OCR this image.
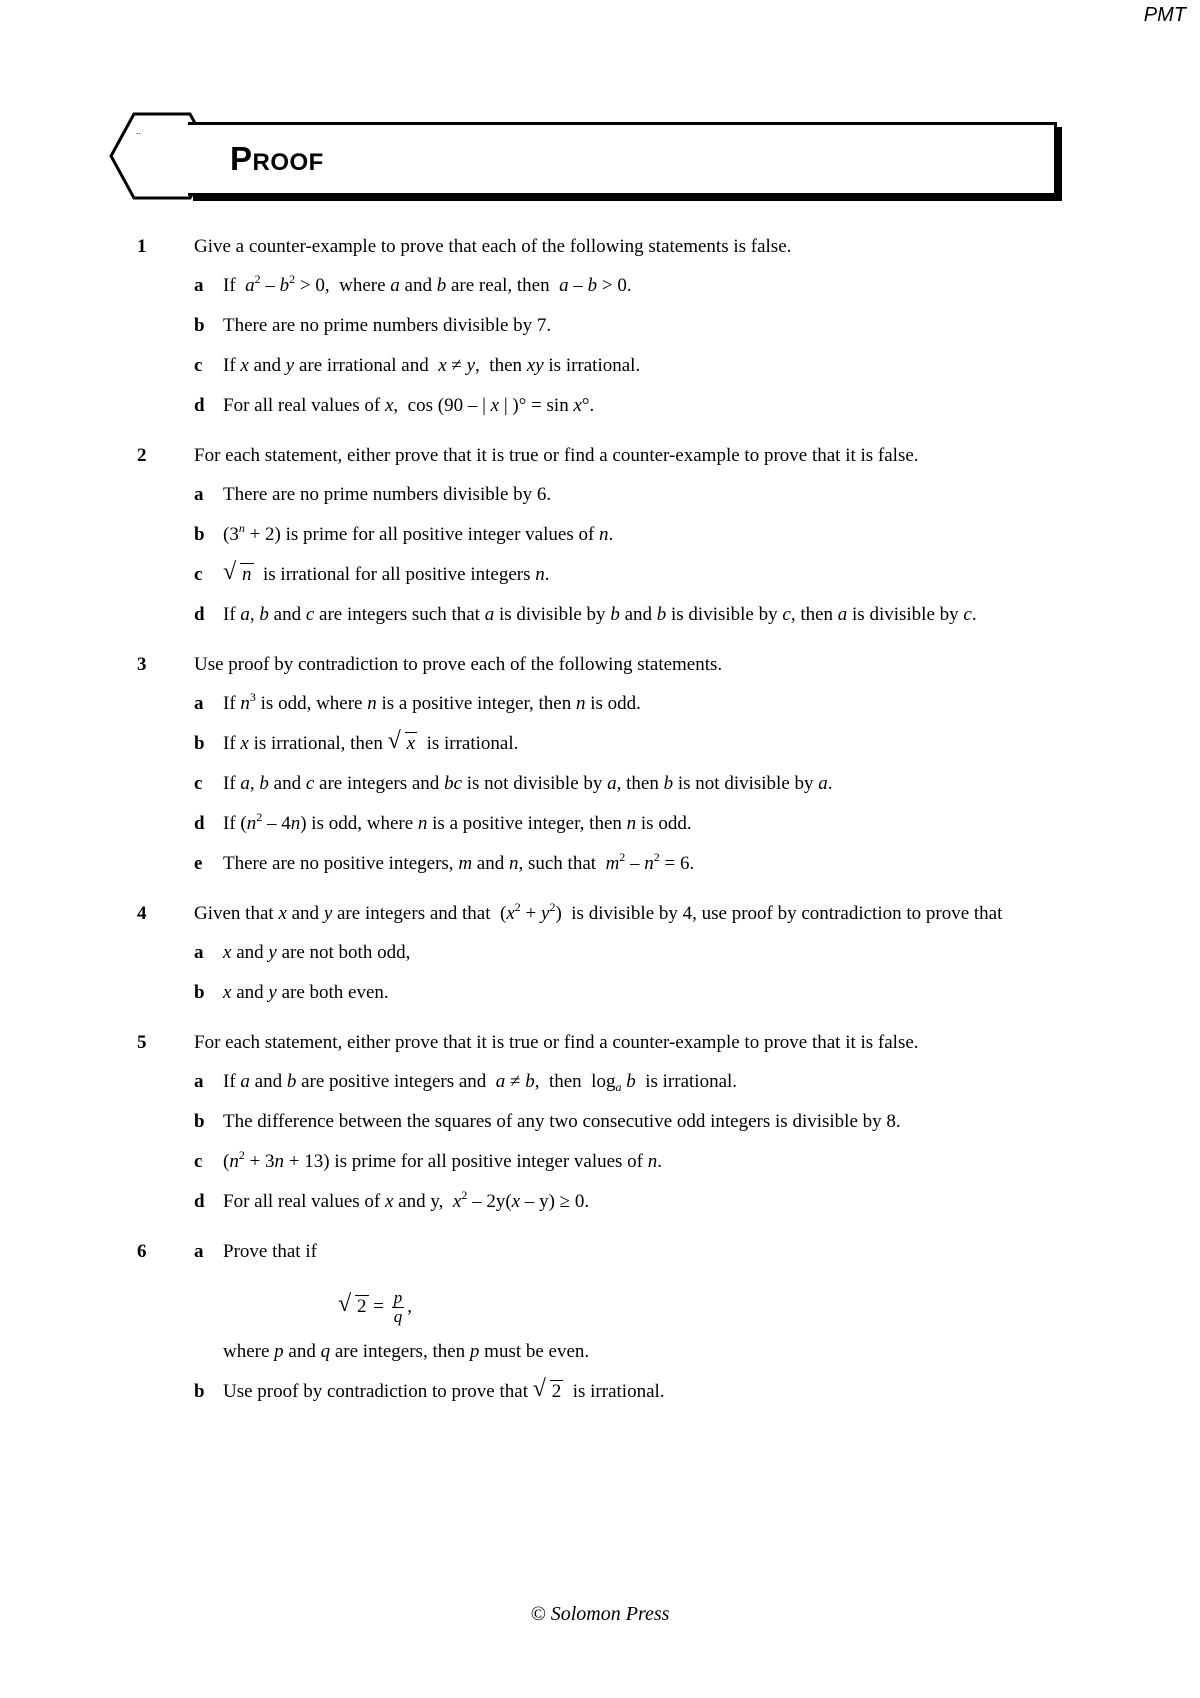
PMT
..
PROOF
1	Give a counter-example to prove that each of the following statements is false.
a If  $a^2 - b^2 > 0$,  where a and b are real, then  a – b > 0.
b There are no prime numbers divisible by 7.
c If x and y are irrational and  x ≠ y,  then xy is irrational.
d For all real values of x,  cos (90 – | x | )° = sin x°.
2	For each statement, either prove that it is true or find a counter-example to prove that it is false.
a There are no prime numbers divisible by 6.
b $(3^n + 2)$ is prime for all positive integer values of n.
c
√ n  is irrational for all positive integers n.
d If a, b and c are integers such that a is divisible by b and b is divisible by c, then a is divisible by c.
3	Use proof by contradiction to prove each of the following statements.
a If $n^3$ is odd, where n is a positive integer, then n is odd.
b If x is irrational, then √ x  is irrational.
c If a, b and c are integers and bc is not divisible by a, then b is not divisible by a.
d If $(n^2 - 4n)$ is odd, where n is a positive integer, then n is odd.
e There are no positive integers, m and n, such that  $m^2 - n^2 = 6$.
4	Given that x and y are integers and that  $(x^2 + y^2)$  is divisible by 4, use proof by contradiction to prove that
a x and y are not both odd,
b x and y are both even.
5	For each statement, either prove that it is true or find a counter-example to prove that it is false.
a If a and b are positive integers and  a ≠ b,  then  $\log_a b$  is irrational.
b The difference between the squares of any two consecutive odd integers is divisible by 8.
c $(n^2 + 3n + 13)$ is prime for all positive integer values of n.
d For all real values of x and y,  $x^2 - 2y(x - y) \ge 0$.
6	a Prove that if
√ $2 = \frac{p}{q}$ ,
where p and q are integers, then p must be even.
b Use proof by contradiction to prove that √ 2  is irrational.
© Solomon Press
